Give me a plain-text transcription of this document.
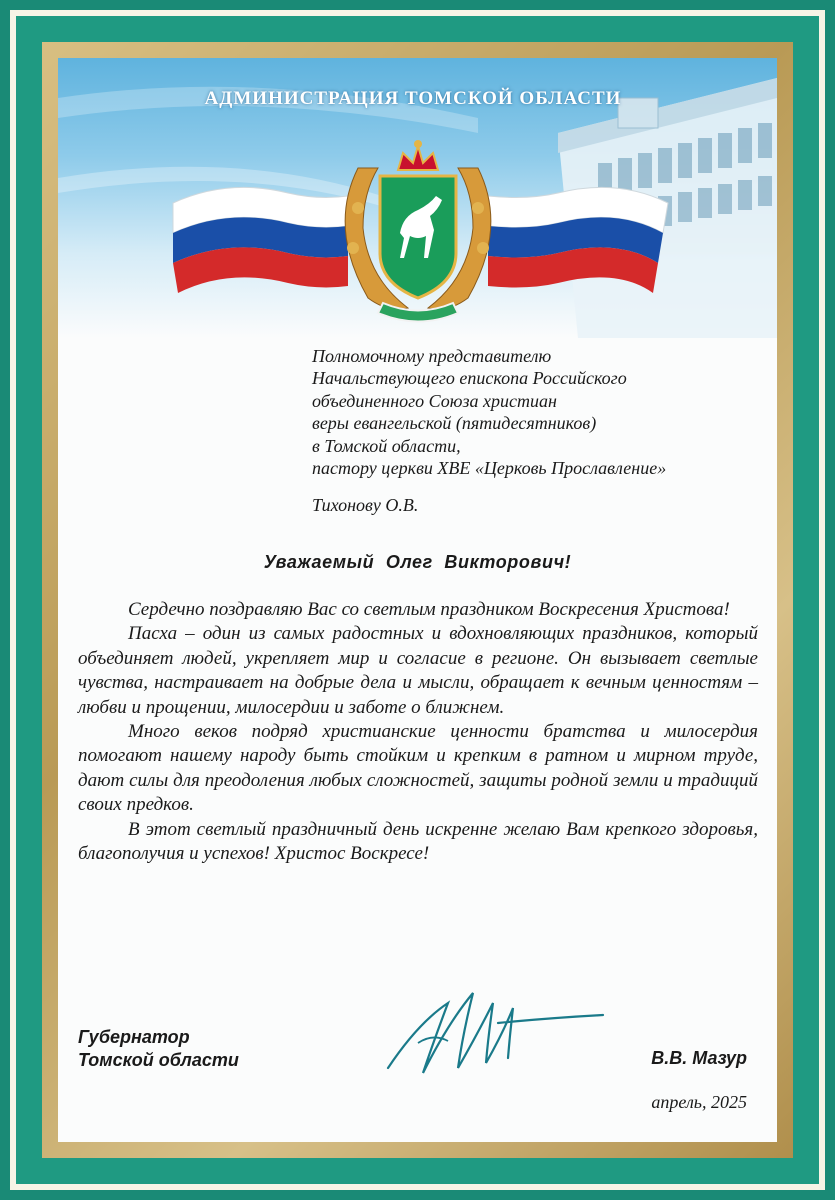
АДМИНИСТРАЦИЯ ТОМСКОЙ ОБЛАСТИ
Полномочному представителю
Начальствующего епископа Российского
объединенного Союза христиан
веры евангельской (пятидесятников)
в Томской области,
пастору церкви ХВЕ «Церковь Прославление»
Тихонову О.В.
Уважаемый Олег Викторович!

Сердечно поздравляю Вас со светлым праздником Воскресения Христова!

Пасха – один из самых радостных и вдохновляющих праздников, который объединяет людей, укрепляет мир и согласие в регионе. Он вызывает светлые чувства, настраивает на добрые дела и мысли, обращает к вечным ценностям – любви и прощении, милосердии и заботе о ближнем.

Много веков подряд христианские ценности братства и милосердия помогают нашему народу быть стойким и крепким в ратном и мирном труде, дают силы для преодоления любых сложностей, защиты родной земли и традиций своих предков.

В этот светлый праздничный день искренне желаю Вам крепкого здоровья, благополучия и успехов! Христос Воскресе!

Губернатор
Томской области	В.В. Мазур
апрель, 2025
